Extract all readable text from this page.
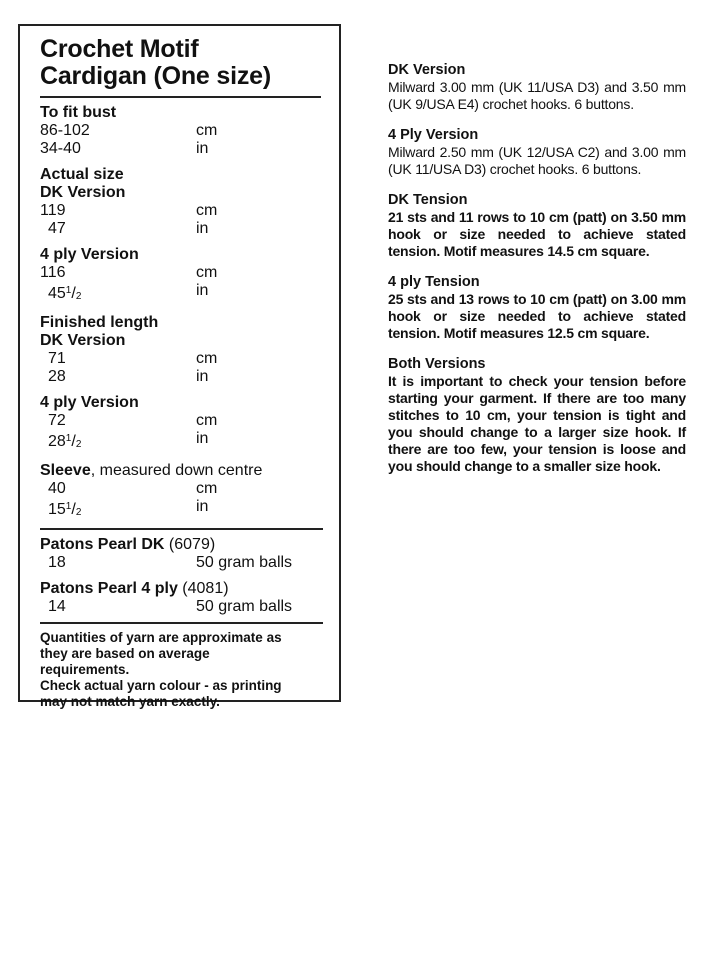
Crochet Motif
Cardigan (One size)
To fit bust
86-102	cm
34-40	in
Actual size
DK Version
119	cm
47	in
4 ply Version
116	cm
$45^1/_2$	in
Finished length
DK Version
71	cm
28	in
4 ply Version
72	cm
$28^1/_2$	in
Sleeve, measured down centre
40	cm
$15^1/_2$	in
Patons Pearl DK (6079)
18	50 gram balls
Patons Pearl 4 ply (4081)
14	50 gram balls
Quantities of yarn are approximate as
they are based on average
requirements.
Check actual yarn colour - as printing
may not match yarn exactly.
DK Version
Milward 3.00 mm (UK 11/USA D3) and 3.50 mm (UK 9/USA E4) crochet hooks. 6 buttons.
4 Ply Version
Milward 2.50 mm (UK 12/USA C2) and 3.00 mm (UK 11/USA D3) crochet hooks. 6 buttons.
DK Tension
21 sts and 11 rows to 10 cm (patt) on 3.50 mm hook or size needed to achieve stated tension. Motif measures 14.5 cm square.
4 ply Tension
25 sts and 13 rows to 10 cm (patt) on 3.00 mm hook or size needed to achieve stated tension. Motif measures 12.5 cm square.
Both Versions
It is important to check your tension before starting your garment. If there are too many stitches to 10 cm, your tension is tight and you should change to a larger size hook. If there are too few, your tension is loose and you should change to a smaller size hook.
